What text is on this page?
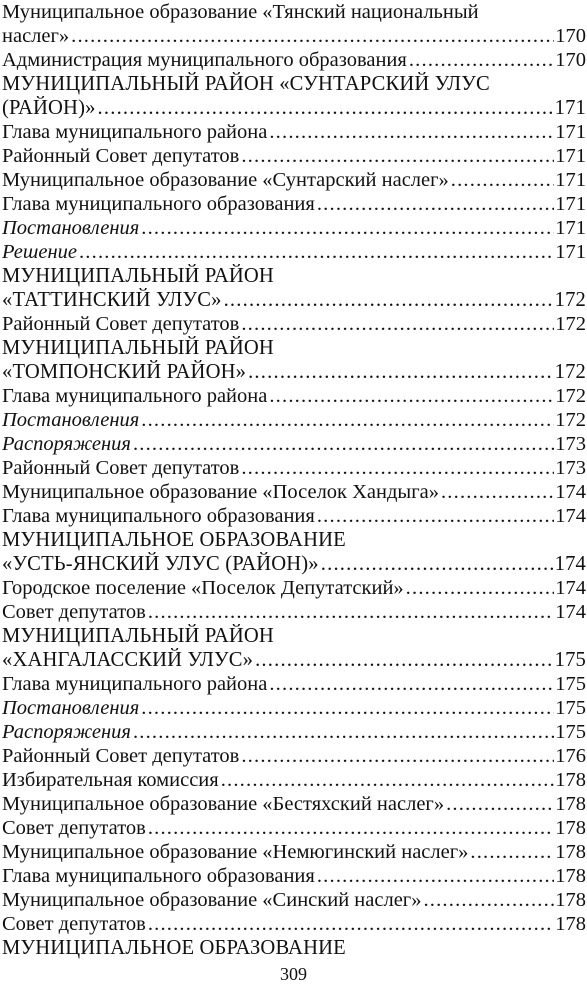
Муниципальное образование «Тянский национальный
наслег» .....	170
Администрация муниципального образования .....	170
МУНИЦИПАЛЬНЫЙ РАЙОН «СУНТАРСКИЙ УЛУС
(РАЙОН)» .....	171
Глава муниципального района .....	171
Районный Совет депутатов .....	171
Муниципальное образование «Сунтарский наслег» .....	171
Глава муниципального образования .....	171
Постановления .....	171
Решение .....	171
МУНИЦИПАЛЬНЫЙ РАЙОН
«ТАТТИНСКИЙ УЛУС» .....	172
Районный Совет депутатов .....	172
МУНИЦИПАЛЬНЫЙ РАЙОН
«ТОМПОНСКИЙ РАЙОН» .....	172
Глава муниципального района .....	172
Постановления .....	172
Распоряжения .....	173
Районный Совет депутатов .....	173
Муниципальное образование «Поселок Хандыга» .....	174
Глава муниципального образования .....	174
МУНИЦИПАЛЬНОЕ ОБРАЗОВАНИЕ
«УСТЬ-ЯНСКИЙ УЛУС (РАЙОН)» .....	174
Городское поселение «Поселок Депутатский» .....	174
Совет депутатов .....	174
МУНИЦИПАЛЬНЫЙ РАЙОН
«ХАНГАЛАССКИЙ УЛУС» .....	175
Глава муниципального района .....	175
Постановления .....	175
Распоряжения .....	175
Районный Совет депутатов .....	176
Избирательная комиссия .....	178
Муниципальное образование «Бестяхский наслег» .....	178
Совет депутатов .....	178
Муниципальное образование «Немюгинский наслег» .....	178
Глава муниципального образования .....	178
Муниципальное образование «Синский наслег» .....	178
Совет депутатов .....	178
МУНИЦИПАЛЬНОЕ ОБРАЗОВАНИЕ
309
